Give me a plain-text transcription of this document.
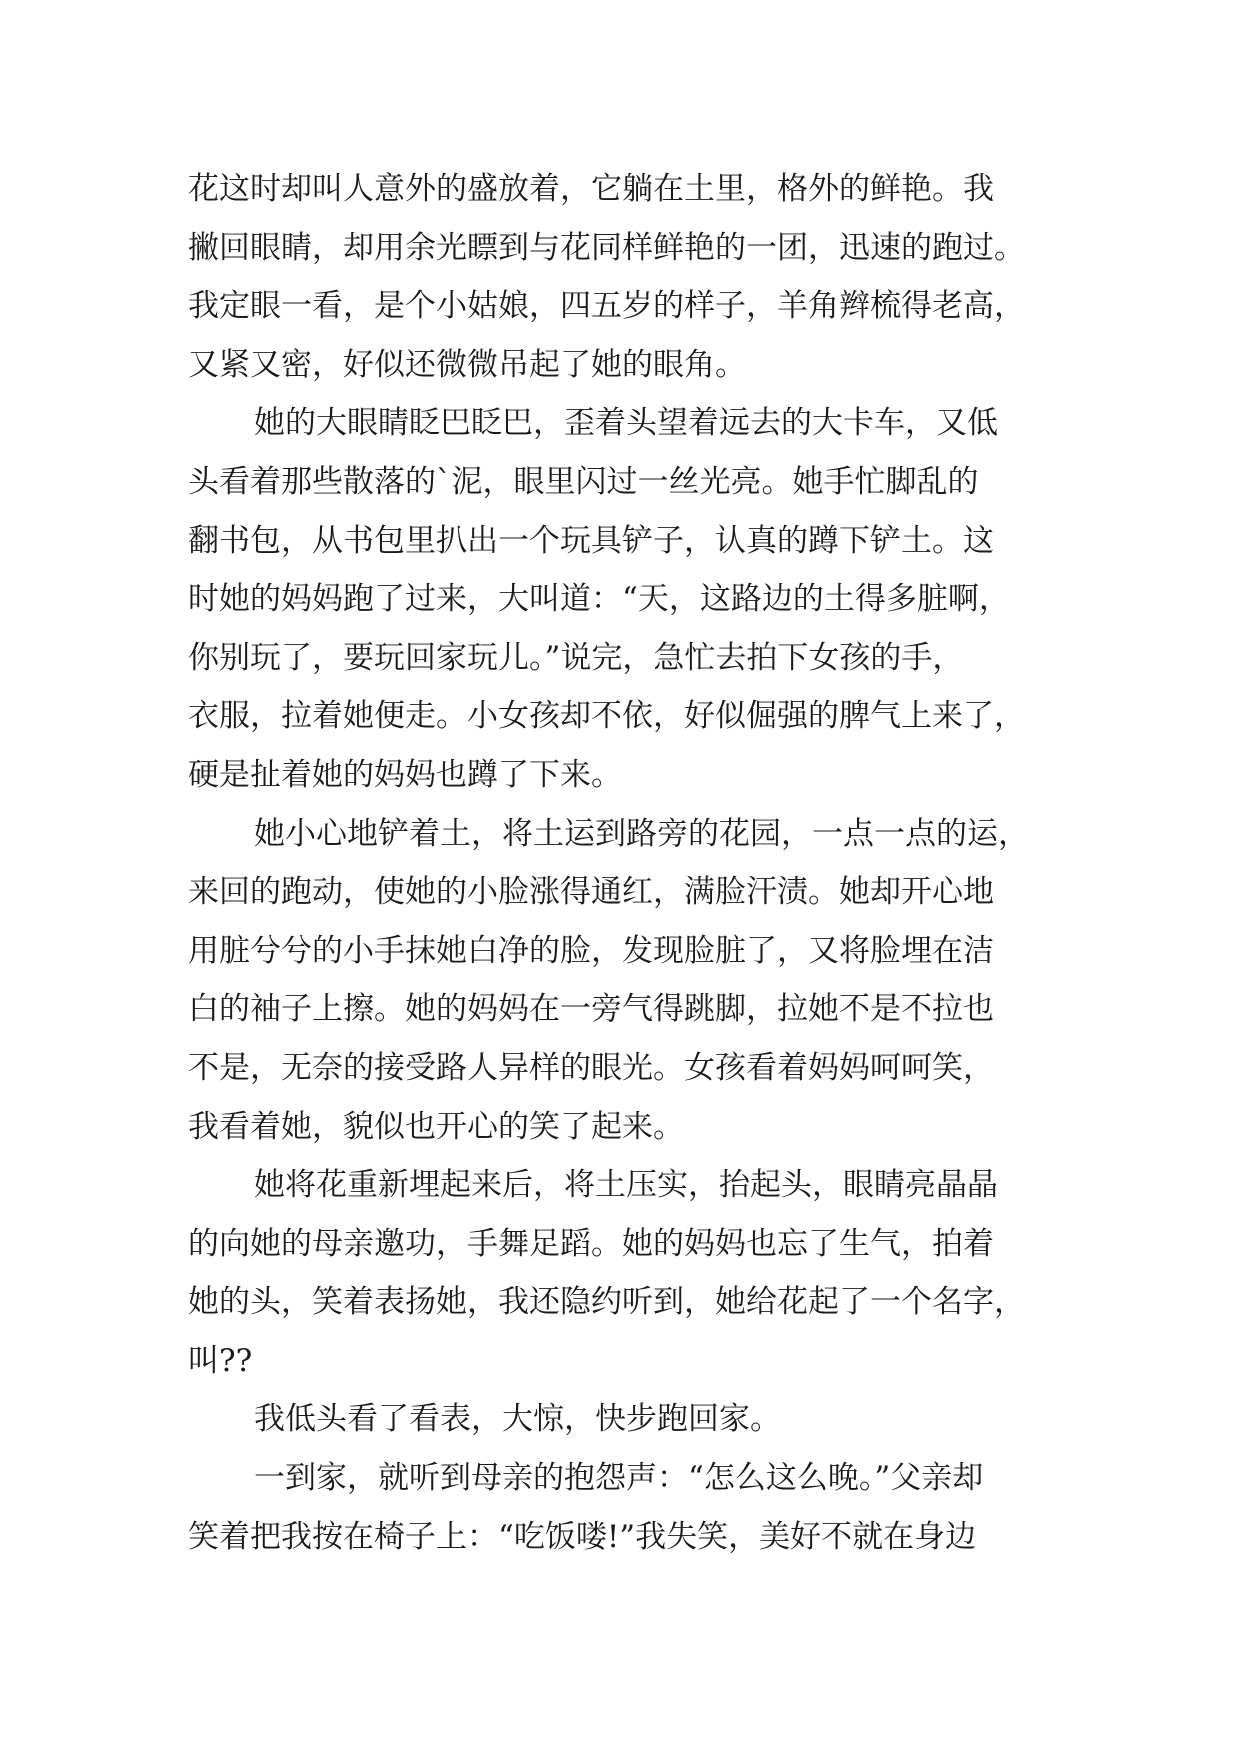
花这时却叫人意外的盛放着，它躺在土里，格外的鲜艳。我
撇回眼睛，却用余光瞟到与花同样鲜艳的一团，迅速的跑过。
我定眼一看，是个小姑娘，四五岁的样子，羊角辫梳得老高，
又紧又密，好似还微微吊起了她的眼角。
她的大眼睛眨巴眨巴，歪着头望着远去的大卡车，又低
头看着那些散落的`泥，眼里闪过一丝光亮。她手忙脚乱的
翻书包，从书包里扒出一个玩具铲子，认真的蹲下铲土。这
时她的妈妈跑了过来，大叫道：“天，这路边的土得多脏啊，
你别玩了，要玩回家玩儿。”说完，急忙去拍下女孩的手，
衣服，拉着她便走。小女孩却不依，好似倔强的脾气上来了，
硬是扯着她的妈妈也蹲了下来。
她小心地铲着土，将土运到路旁的花园，一点一点的运，
来回的跑动，使她的小脸涨得通红，满脸汗渍。她却开心地
用脏兮兮的小手抹她白净的脸，发现脸脏了，又将脸埋在洁
白的袖子上擦。她的妈妈在一旁气得跳脚，拉她不是不拉也
不是，无奈的接受路人异样的眼光。女孩看着妈妈呵呵笑，
我看着她，貌似也开心的笑了起来。
她将花重新埋起来后，将土压实，抬起头，眼睛亮晶晶
的向她的母亲邀功，手舞足蹈。她的妈妈也忘了生气，拍着
她的头，笑着表扬她，我还隐约听到，她给花起了一个名字，
叫??
我低头看了看表，大惊，快步跑回家。
一到家，就听到母亲的抱怨声：“怎么这么晚。”父亲却
笑着把我按在椅子上：“吃饭喽!”我失笑，美好不就在身边
